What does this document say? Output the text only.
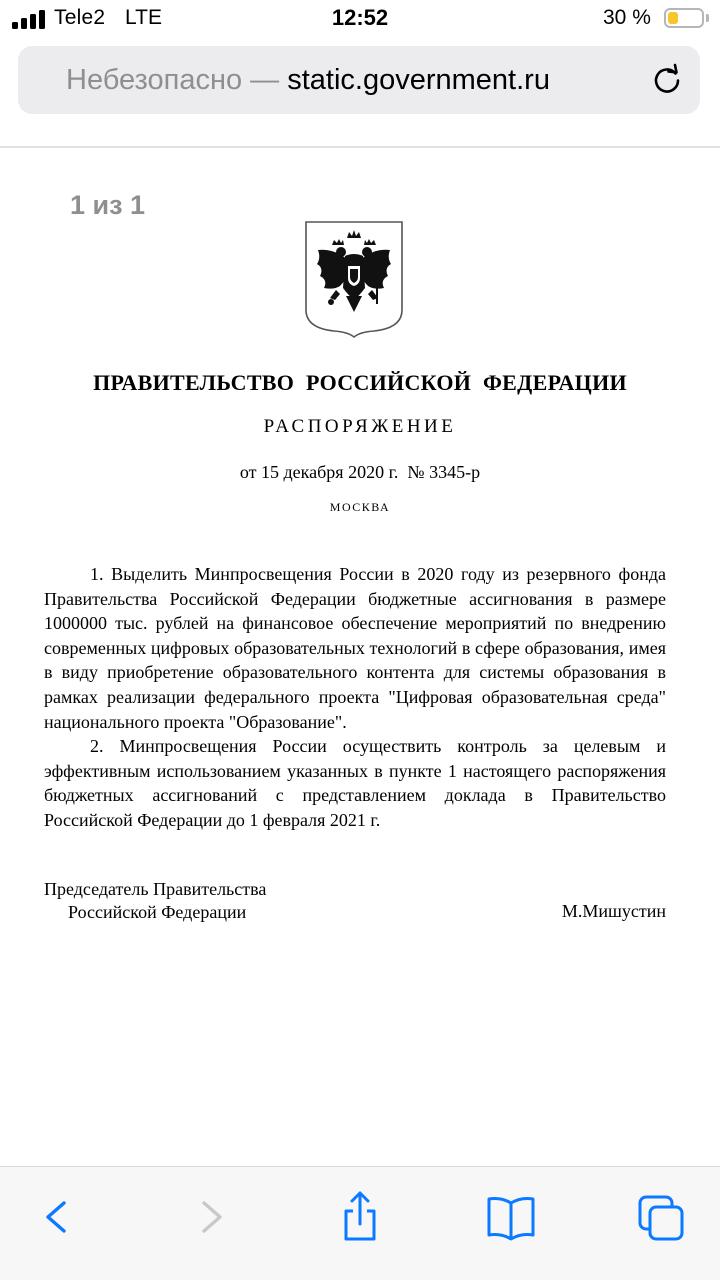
Tele2 LTE	12:52	30 %
Небезопасно — static.government.ru
1 из 1
ПРАВИТЕЛЬСТВО РОССИЙСКОЙ ФЕДЕРАЦИИ
РАСПОРЯЖЕНИЕ
от 15 декабря 2020 г.  № 3345-р
МОСКВА

1. Выделить Минпросвещения России в 2020 году из резервного фонда Правительства Российской Федерации бюджетные ассигнования в размере 1000000 тыс. рублей на финансовое обеспечение мероприятий по внедрению современных цифровых образовательных технологий в сфере образования, имея в виду приобретение образовательного контента для системы образования в рамках реализации федерального проекта "Цифровая образовательная среда" национального проекта "Образование".

2. Минпросвещения России осуществить контроль за целевым и эффективным использованием указанных в пункте 1 настоящего распоряжения бюджетных ассигнований с представлением доклада в Правительство Российской Федерации до 1 февраля 2021 г.

Председатель Правительства
Российской Федерации	М.Мишустин
